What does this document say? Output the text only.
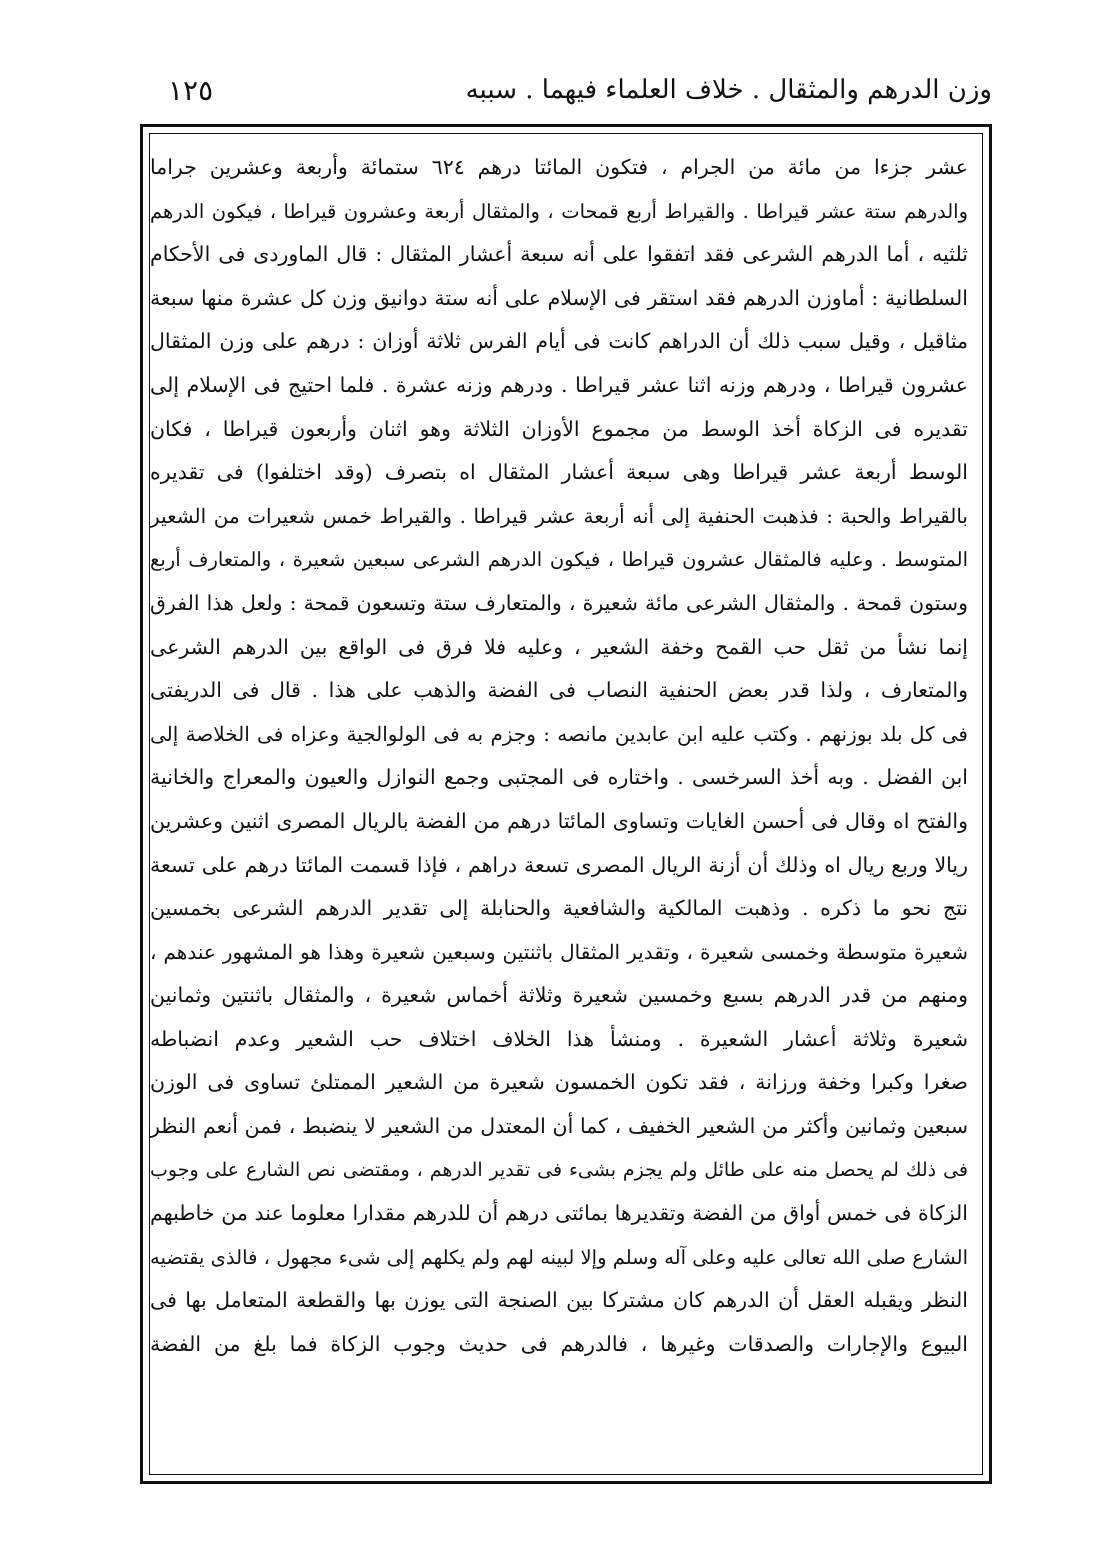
وزن الدرهم والمثقال . خلاف العلماء فيهما . سببه
١٢٥
عشر جزءا من مائة من الجرام ، فتكون المائتا درهم ٦٢٤ ستمائة وأربعة وعشرين جراما
والدرهم ستة عشر قيراطا . والقيراط أربع قمحات ، والمثقال أربعة وعشرون قيراطا ، فيكون الدرهم
ثلثيه ، أما الدرهم الشرعى فقد اتفقوا على أنه سبعة أعشار المثقال : قال الماوردى فى الأحكام
السلطانية : أماوزن الدرهم فقد استقر فى الإسلام على أنه ستة دوانيق وزن كل عشرة منها سبعة
مثاقيل ، وقيل سبب ذلك أن الدراهم كانت فى أيام الفرس ثلاثة أوزان : درهم على وزن المثقال
عشرون قيراطا ، ودرهم وزنه اثنا عشر قيراطا . ودرهم وزنه عشرة . فلما احتيج فى الإسلام إلى
تقديره فى الزكاة أخذ الوسط من مجموع الأوزان الثلاثة وهو اثنان وأربعون قيراطا ، فكان
الوسط أربعة عشر قيراطا وهى سبعة أعشار المثقال اه بتصرف (وقد اختلفوا) فى تقديره
بالقيراط والحبة : فذهبت الحنفية إلى أنه أربعة عشر قيراطا . والقيراط خمس شعيرات من الشعير
المتوسط . وعليه فالمثقال عشرون قيراطا ، فيكون الدرهم الشرعى سبعين شعيرة ، والمتعارف أربع
وستون قمحة . والمثقال الشرعى مائة شعيرة ، والمتعارف ستة وتسعون قمحة : ولعل هذا الفرق
إنما نشأ من ثقل حب القمح وخفة الشعير ، وعليه فلا فرق فى الواقع بين الدرهم الشرعى
والمتعارف ، ولذا قدر بعض الحنفية النصاب فى الفضة والذهب على هذا . قال فى الدريفتى
فى كل بلد بوزنهم . وكتب عليه ابن عابدين مانصه : وجزم به فى الولوالجية وعزاه فى الخلاصة إلى
ابن الفضل . وبه أخذ السرخسى . واختاره فى المجتبى وجمع النوازل والعيون والمعراج والخانية
والفتح اه وقال فى أحسن الغايات وتساوى المائتا درهم من الفضة بالريال المصرى اثنين وعشرين
ريالا وربع ريال اه وذلك أن أزنة الريال المصرى تسعة دراهم ، فإذا قسمت المائتا درهم على تسعة
نتج نحو ما ذكره . وذهبت المالكية والشافعية والحنابلة إلى تقدير الدرهم الشرعى بخمسين
شعيرة متوسطة وخمسى شعيرة ، وتقدير المثقال باثنتين وسبعين شعيرة وهذا هو المشهور عندهم ،
ومنهم من قدر الدرهم بسبع وخمسين شعيرة وثلاثة أخماس شعيرة ، والمثقال باثنتين وثمانين
شعيرة وثلاثة أعشار الشعيرة . ومنشأ هذا الخلاف اختلاف حب الشعير وعدم انضباطه
صغرا وكبرا وخفة ورزانة ، فقد تكون الخمسون شعيرة من الشعير الممتلئ تساوى فى الوزن
سبعين وثمانين وأكثر من الشعير الخفيف ، كما أن المعتدل من الشعير لا ينضبط ، فمن أنعم النظر
فى ذلك لم يحصل منه على طائل ولم يجزم بشىء فى تقدير الدرهم ، ومقتضى نص الشارع على وجوب
الزكاة فى خمس أواق من الفضة وتقديرها بمائتى درهم أن للدرهم مقدارا معلوما عند من خاطبهم
الشارع صلى الله تعالى عليه وعلى آله وسلم وإلا لبينه لهم ولم يكلهم إلى شىء مجهول ، فالذى يقتضيه
النظر ويقبله العقل أن الدرهم كان مشتركا بين الصنجة التى يوزن بها والقطعة المتعامل بها فى
البيوع والإجارات والصدقات وغيرها ، فالدرهم فى حديث وجوب الزكاة فما بلغ من الفضة
